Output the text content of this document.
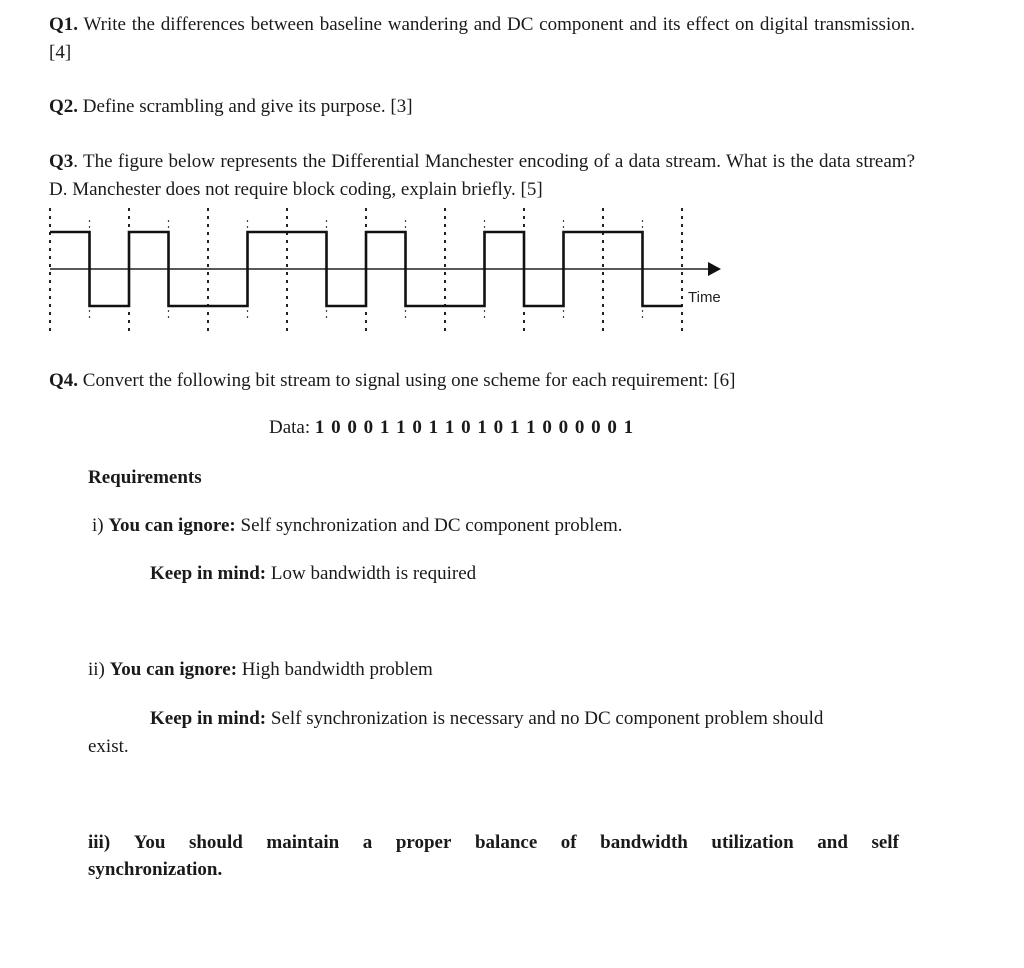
Q1. Write the differences between baseline wandering and DC component and its effect on digital transmission. [4]
Q2. Define scrambling and give its purpose. [3]
Q3. The figure below represents the Differential Manchester encoding of a data stream. What is the data stream? D. Manchester does not require block coding, explain briefly. [5]
Time
Q4. Convert the following bit stream to signal using one scheme for each requirement: [6]
Data: 1 0 0 0 1 1 0 1 1 0 1 0 1 1 0 0 0 0 0 1
Requirements
i) You can ignore: Self synchronization and DC component problem.
Keep in mind: Low bandwidth is required
ii) You can ignore: High bandwidth problem
Keep in mind: Self synchronization is necessary and no DC component problem should
exist.
iii) You should maintain a proper balance of bandwidth utilization and self
synchronization.
